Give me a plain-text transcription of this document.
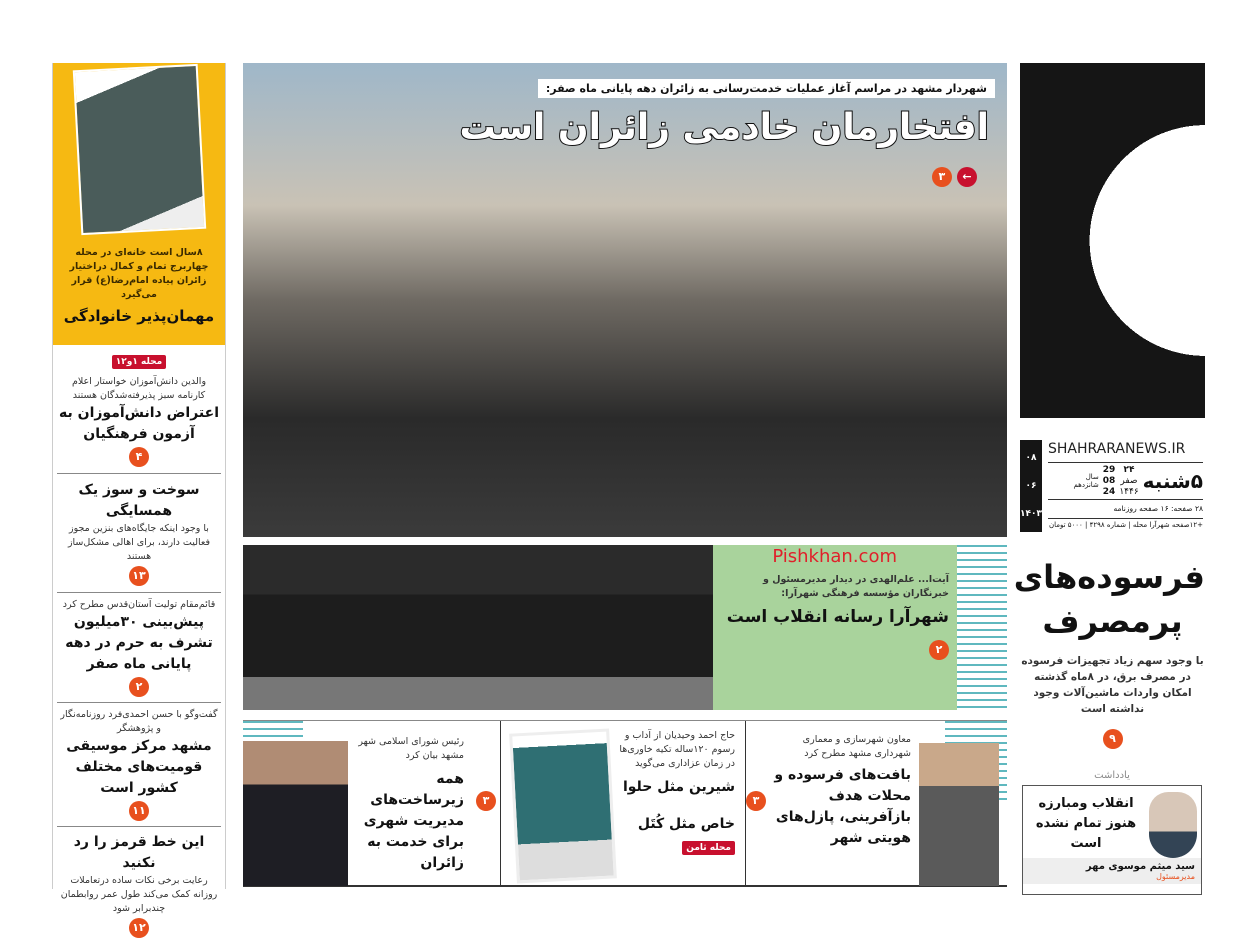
۸سال است خانه‌ای در محله چهاربرج تمام و کمال در‌اختیار زائران پیاده امام‌رضا(ع) قرار می‌گیرد
مهمان‌پذیر خانوادگی
محله ۱و۱۲
والدین دانش‌آموزان خواستار اعلام کارنامه سبز پذیرفته‌شدگان هستند
اعتراض دانش‌آموزان به آزمون فرهنگیان
۴
سوخت و سوز یک همسایگی
با وجود اینکه جایگاه‌های بنزین مجوز فعالیت دارند، برای اهالی مشکل‌ساز هستند
۱۳
قائم‌مقام تولیت آستان‌قدس مطرح کرد
پیش‌بینی ۳۰میلیون تشرف به حرم در دهه پایانی ماه صفر
۲
گفت‌وگو با حسن احمدی‌فرد روزنامه‌نگار و پژوهشگر
مشهد مرکز موسیقی قومیت‌های مختلف کشور است
۱۱
این خط قرمز را رد نکنید
رعایت برخی نکات ساده در‌تعاملات روزانه کمک می‌کند طول عمر روابطمان چندبرابر شود
۱۲
شهردار مشهد در مراسم آغاز عملیات خدمت‌رسانی به زائران دهه پایانی ماه صفر:
افتخارمان خادمی زائران است
۳ ←
Pishkhan.com
آیت‌ا... علم‌الهدی در دیدار مدیرمسئول و خبرنگاران مؤسسه فرهنگی شهرآرا:
شهرآرا رسانه انقلاب است
۲
معاون شهرسازی و معماری شهرداری مشهد مطرح کرد
بافت‌های فرسوده و محلات هدف بازآفرینی، پازل‌های هویتی شهر
۳
حاج احمد وحیدیان از آداب و رسوم ۱۲۰ساله تکیه خاوری‌ها در زمان عزاداری می‌گوید
شیرین مثل حلوا
خاص مثل کُتَل
محله ثامن
رئیس شورای اسلامی شهر مشهد بیان کرد
همه زیرساخت‌های مدیریت شهری برای خدمت به زائران
۳
۰۸
۰۶
۱۴۰۳
SHAHRARANEWS.IR
۵شنبه
۲۴
صفر
۱۴۴۶
29
08
24
سال شانزدهم
۲۸ صفحه: ۱۶ صفحه روزنامه
+۱۲صفحه شهرآرا محله | شماره ۴۲۹۸ | ۵۰۰۰ تومان
فرسوده‌های پرمصرف
با وجود سهم زیاد تجهیزات فرسوده در مصرف برق، در ۸ماه گذشته امکان واردات ماشین‌آلات وجود نداشته است
۹
یادداشت
انقلاب و‌مبارزه هنوز تمام نشده است
سید میثم موسوی مهر
مدیرمسئول
